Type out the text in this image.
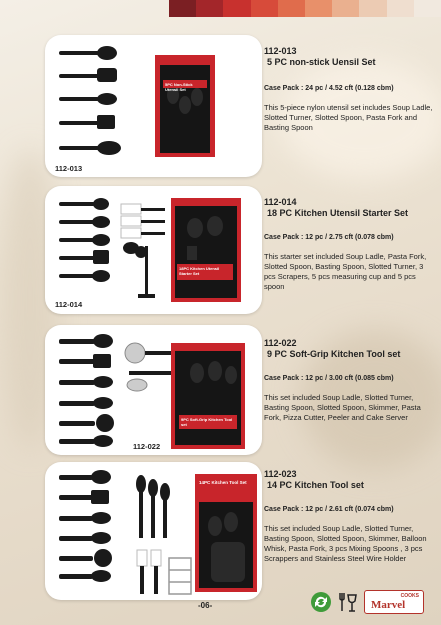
112-013
5PC Non-Stick Utensil Set
112-014
18PC Kitchen Utensil Starter Set
112-022
9PC Soft-Grip Kitchen Tool set
14PC Kitchen Tool Set
112-013
5 PC non-stick Uensil Set
Case Pack : 24 pc / 4.52 cft (0.128 cbm)
This 5-piece nylon utensil set includes Soup Ladle, Slotted Turner, Slotted Spoon, Pasta Fork and Basting Spoon
112-014
18 PC Kitchen Utensil Starter Set
Case Pack : 12 pc / 2.75 cft (0.078 cbm)
This starter set included Soup Ladle, Pasta Fork, Slotted Spoon, Basting Spoon, Slotted Turner, 3 pcs Scrapers, 5 pcs measuring cup and 5 pcs spoon
112-022
9 PC Soft-Grip Kitchen Tool set
Case Pack : 12 pc / 3.00 cft (0.085 cbm)
This set included Soup Ladle, Slotted Turner, Basting Spoon, Slotted Spoon, Skimmer, Pasta Fork, Pizza Cutter, Peeler and Cake Server
112-023
14 PC Kitchen Tool set
Case Pack : 12 pc / 2.61 cft (0.074 cbm)
This set included Soup Ladle, Slotted Turner, Basting Spoon, Slotted Spoon, Skimmer, Balloon Whisk, Pasta Fork, 3 pcs Mixing Spoons , 3 pcs Scrappers and Stainless Steel Wire Holder
-06-
COOKS
Marvel
